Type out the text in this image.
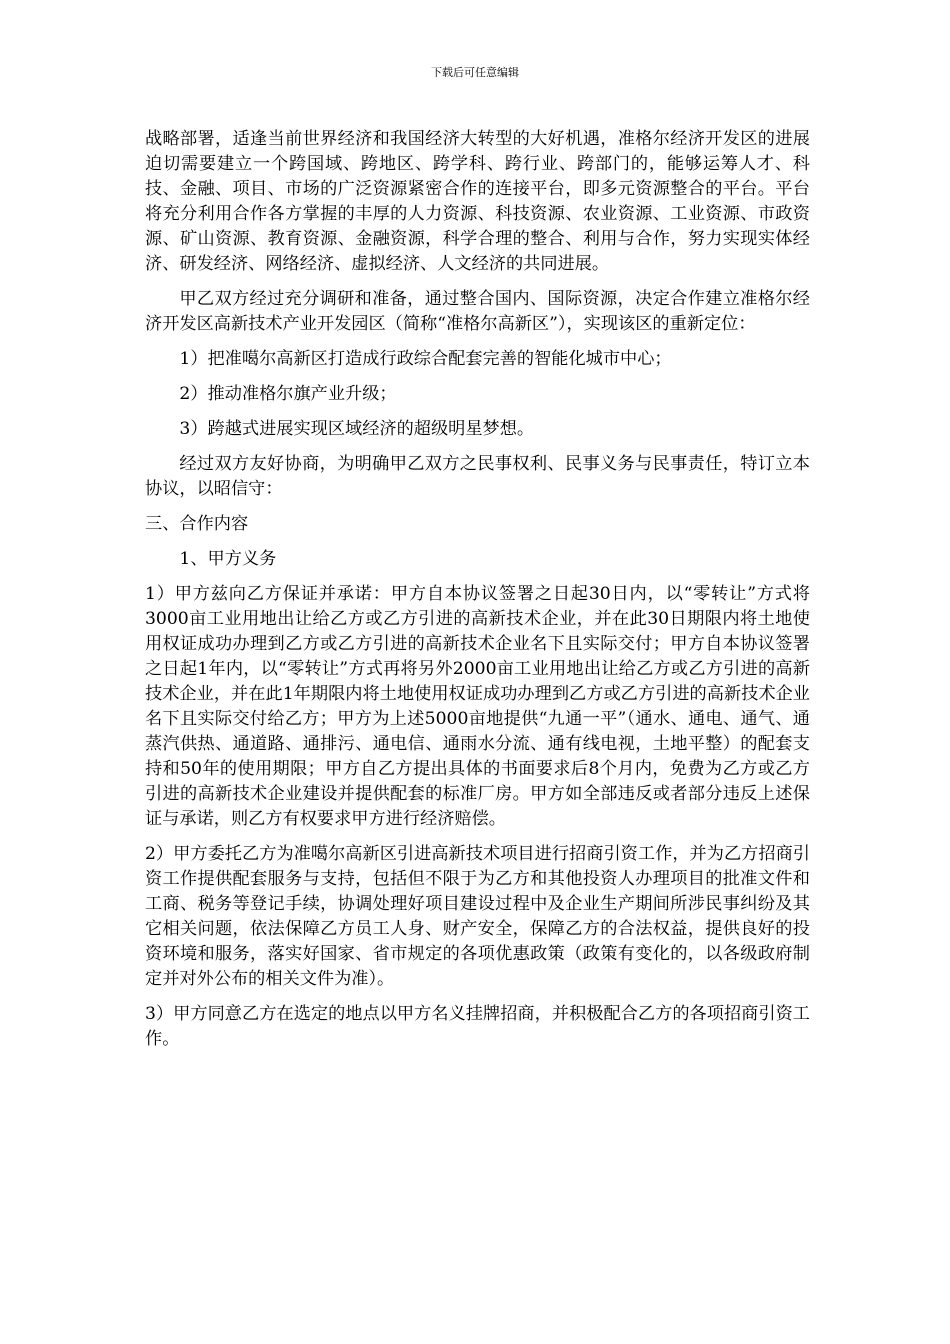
下载后可任意编辑

战略部署，适逢当前世界经济和我国经济大转型的大好机遇，准格尔经济开发区的进展迫切需要建立一个跨国域、跨地区、跨学科、跨行业、跨部门的，能够运筹人才、科技、金融、项目、市场的广泛资源紧密合作的连接平台，即多元资源整合的平台。平台将充分利用合作各方掌握的丰厚的人力资源、科技资源、农业资源、工业资源、市政资源、矿山资源、教育资源、金融资源，科学合理的整合、利用与合作，努力实现实体经济、研发经济、网络经济、虚拟经济、人文经济的共同进展。

甲乙双方经过充分调研和准备，通过整合国内、国际资源，决定合作建立准格尔经济开发区高新技术产业开发园区（简称“准格尔高新区”），实现该区的重新定位：

1）把准噶尔高新区打造成行政综合配套完善的智能化城市中心；

2）推动准格尔旗产业升级；

3）跨越式进展实现区域经济的超级明星梦想。

经过双方友好协商，为明确甲乙双方之民事权利、民事义务与民事责任，特订立本协议，以昭信守：

三、合作内容

1、甲方义务

1）甲方兹向乙方保证并承诺：甲方自本协议签署之日起30日内，以“零转让”方式将3000亩工业用地出让给乙方或乙方引进的高新技术企业，并在此30日期限内将土地使用权证成功办理到乙方或乙方引进的高新技术企业名下且实际交付；甲方自本协议签署之日起1年内，以“零转让”方式再将另外2000亩工业用地出让给乙方或乙方引进的高新技术企业，并在此1年期限内将土地使用权证成功办理到乙方或乙方引进的高新技术企业名下且实际交付给乙方；甲方为上述5000亩地提供“九通一平”（通水、通电、通气、通蒸汽供热、通道路、通排污、通电信、通雨水分流、通有线电视，土地平整）的配套支持和50年的使用期限；甲方自乙方提出具体的书面要求后8个月内，免费为乙方或乙方引进的高新技术企业建设并提供配套的标准厂房。甲方如全部违反或者部分违反上述保证与承诺，则乙方有权要求甲方进行经济赔偿。

2）甲方委托乙方为准噶尔高新区引进高新技术项目进行招商引资工作，并为乙方招商引资工作提供配套服务与支持，包括但不限于为乙方和其他投资人办理项目的批准文件和工商、税务等登记手续，协调处理好项目建设过程中及企业生产期间所涉民事纠纷及其它相关问题，依法保障乙方员工人身、财产安全，保障乙方的合法权益，提供良好的投资环境和服务，落实好国家、省市规定的各项优惠政策（政策有变化的，以各级政府制定并对外公布的相关文件为准）。

3）甲方同意乙方在选定的地点以甲方名义挂牌招商，并积极配合乙方的各项招商引资工作。
